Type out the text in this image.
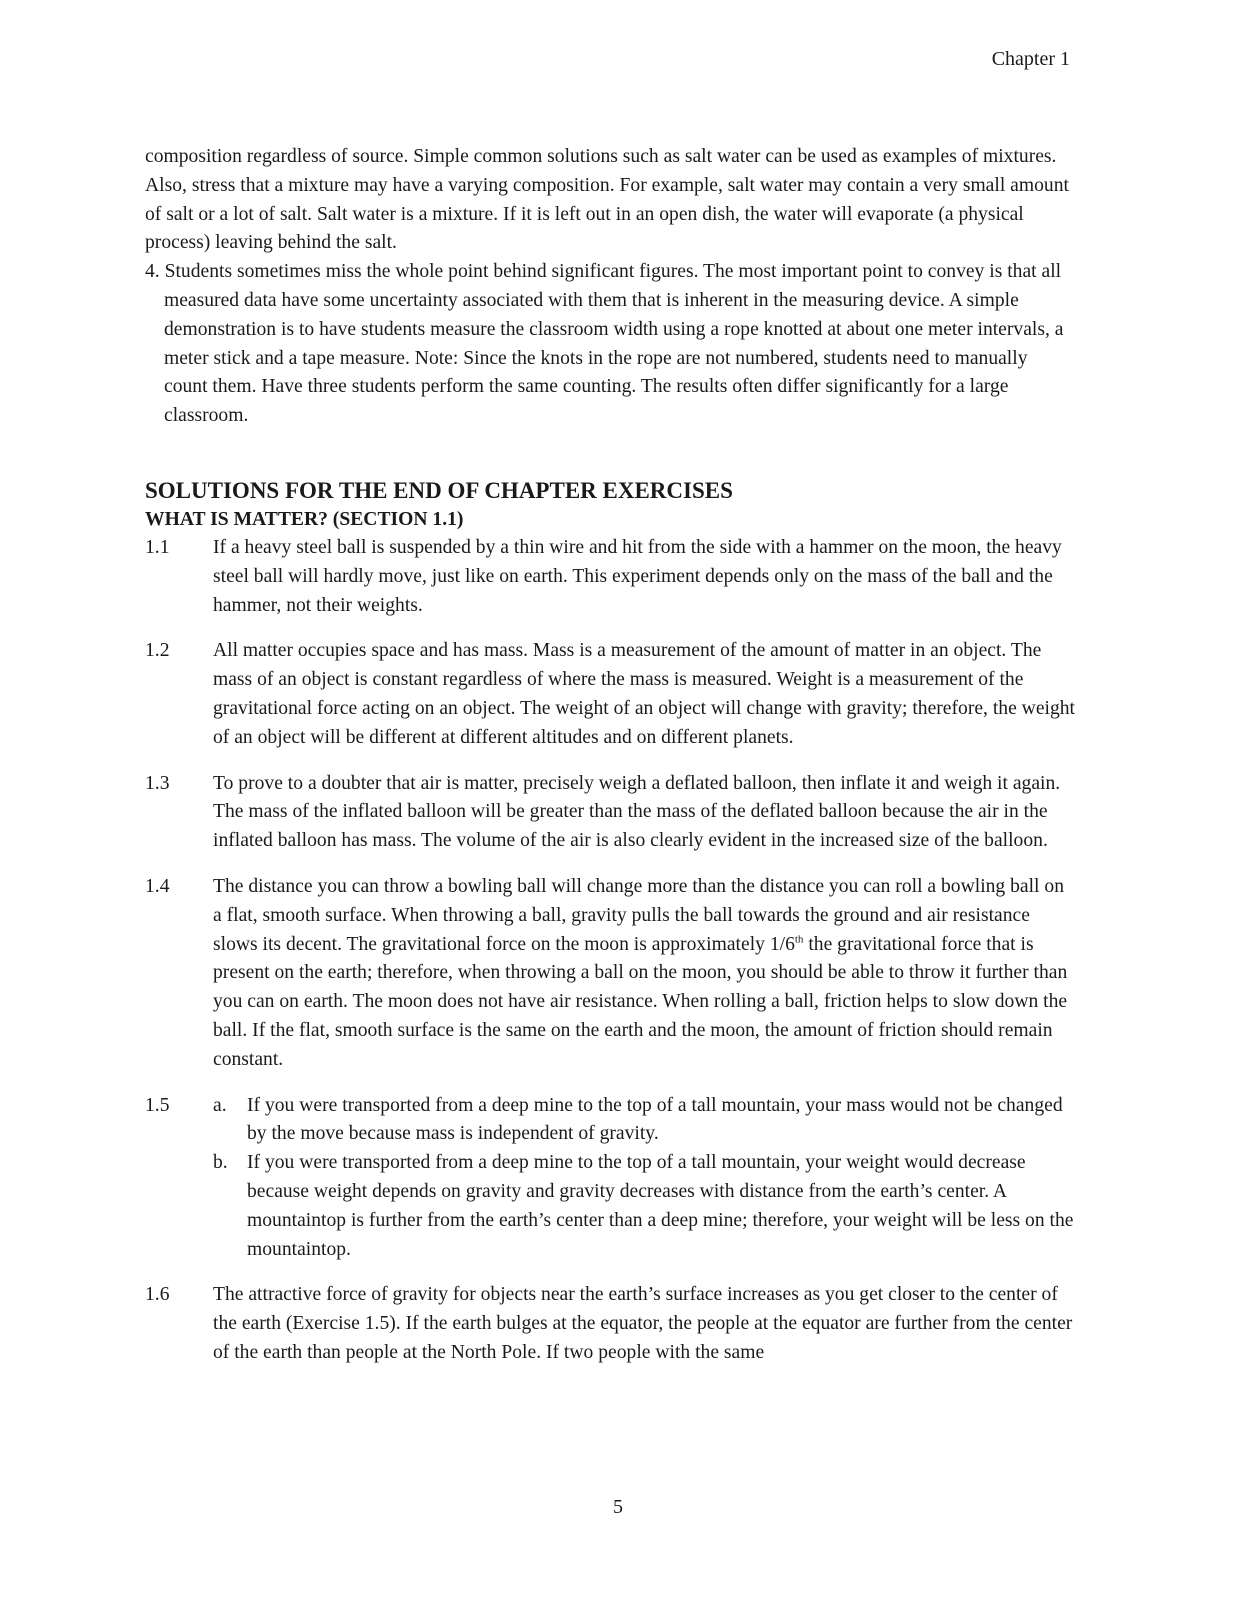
Chapter 1

composition regardless of source. Simple common solutions such as salt water can be used as examples of mixtures. Also, stress that a mixture may have a varying composition. For example, salt water may contain a very small amount of salt or a lot of salt. Salt water is a mixture. If it is left out in an open dish, the water will evaporate (a physical process) leaving behind the salt.

4. Students sometimes miss the whole point behind significant figures. The most important point to convey is that all measured data have some uncertainty associated with them that is inherent in the measuring device. A simple demonstration is to have students measure the classroom width using a rope knotted at about one meter intervals, a meter stick and a tape measure. Note: Since the knots in the rope are not numbered, students need to manually count them. Have three students perform the same counting. The results often differ significantly for a large classroom.

SOLUTIONS FOR THE END OF CHAPTER EXERCISES
WHAT IS MATTER? (SECTION 1.1)
1.1	If a heavy steel ball is suspended by a thin wire and hit from the side with a hammer on the moon, the heavy steel ball will hardly move, just like on earth. This experiment depends only on the mass of the ball and the hammer, not their weights.
1.2	All matter occupies space and has mass. Mass is a measurement of the amount of matter in an object. The mass of an object is constant regardless of where the mass is measured. Weight is a measurement of the gravitational force acting on an object. The weight of an object will change with gravity; therefore, the weight of an object will be different at different altitudes and on different planets.
1.3	To prove to a doubter that air is matter, precisely weigh a deflated balloon, then inflate it and weigh it again. The mass of the inflated balloon will be greater than the mass of the deflated balloon because the air in the inflated balloon has mass. The volume of the air is also clearly evident in the increased size of the balloon.
1.4	The distance you can throw a bowling ball will change more than the distance you can roll a bowling ball on a flat, smooth surface. When throwing a ball, gravity pulls the ball towards the ground and air resistance slows its decent. The gravitational force on the moon is approximately 1/6th the gravitational force that is present on the earth; therefore, when throwing a ball on the moon, you should be able to throw it further than you can on earth. The moon does not have air resistance. When rolling a ball, friction helps to slow down the ball. If the flat, smooth surface is the same on the earth and the moon, the amount of friction should remain constant.
1.5	a.	If you were transported from a deep mine to the top of a tall mountain, your mass would not be changed by the move because mass is independent of gravity.
b. If you were transported from a deep mine to the top of a tall mountain, your weight would decrease because weight depends on gravity and gravity decreases with distance from the earth’s center. A mountaintop is further from the earth’s center than a deep mine; therefore, your weight will be less on the mountaintop.
1.6	The attractive force of gravity for objects near the earth’s surface increases as you get closer to the center of the earth (Exercise 1.5). If the earth bulges at the equator, the people at the equator are further from the center of the earth than people at the North Pole. If two people with the same
5
